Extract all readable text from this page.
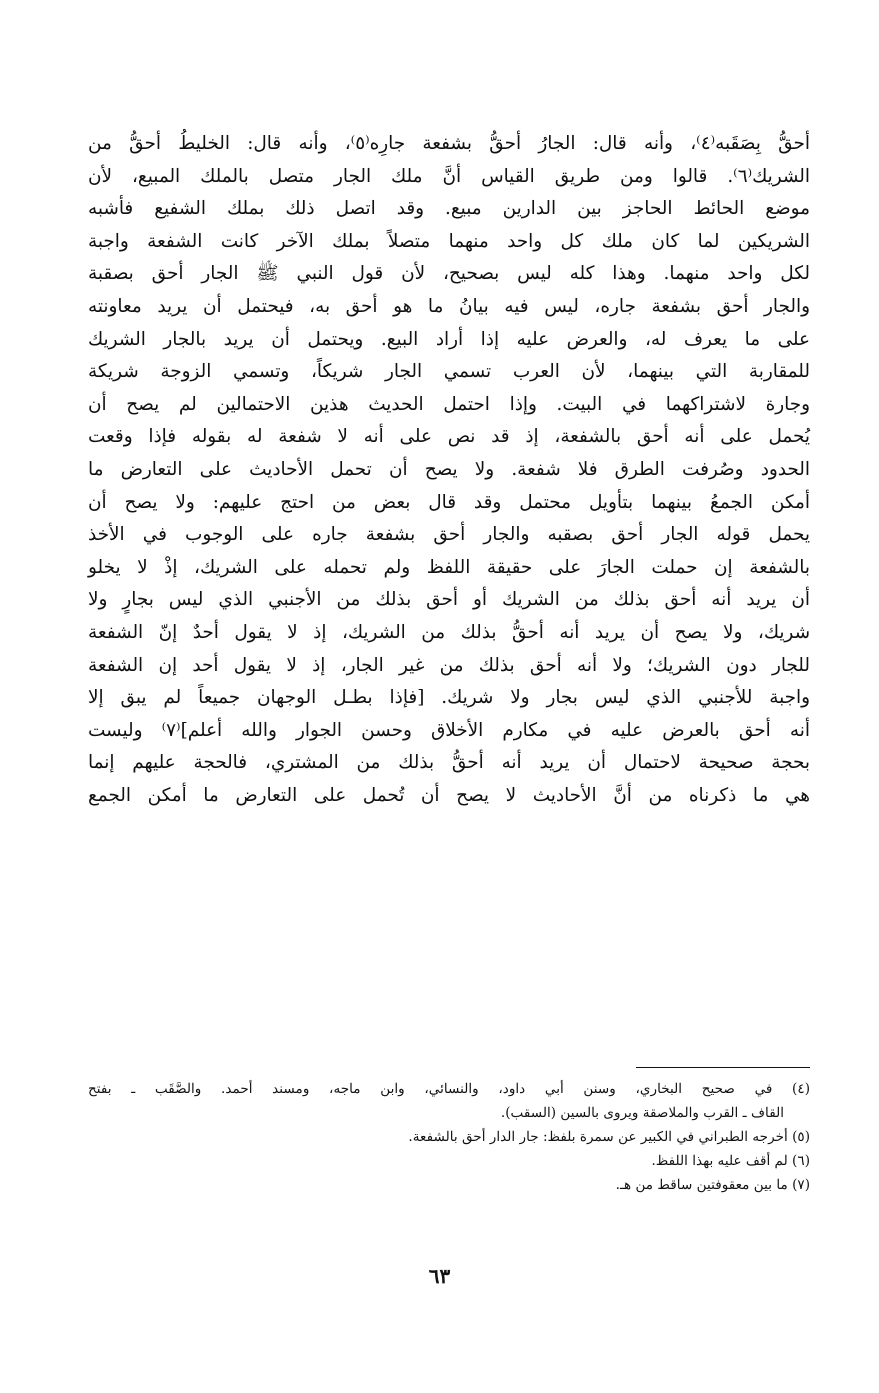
أحقُّ بِصَقَبه⁽٤⁾، وأنه قال: الجارُ أحقُّ بشفعة جارِه⁽٥⁾، وأنه قال: الخليطُ أحقُّ من
الشريك⁽٦⁾. قالوا ومن طريق القياس أنَّ ملك الجار متصل بالملك المبيع، لأن
موضع الحائط الحاجز بين الدارين مبيع. وقد اتصل ذلك بملك الشفيع فأشبه
الشريكين لما كان ملك كل واحد منهما متصلاً بملك الآخر كانت الشفعة واجبة
لكل واحد منهما. وهذا كله ليس بصحيح، لأن قول النبي ﷺ الجار أحق بصقبة
والجار أحق بشفعة جاره، ليس فيه بيانُ ما هو أحق به، فيحتمل أن يريد معاونته
على ما يعرف له، والعرض عليه إذا أراد البيع. ويحتمل أن يريد بالجار الشريك
للمقاربة التي بينهما، لأن العرب تسمي الجار شريكاً، وتسمي الزوجة شريكة
وجارة لاشتراكهما في البيت. وإذا احتمل الحديث هذين الاحتمالين لم يصح أن
يُحمل على أنه أحق بالشفعة، إذ قد نص على أنه لا شفعة له بقوله فإذا وقعت
الحدود وصُرفت الطرق فلا شفعة. ولا يصح أن تحمل الأحاديث على التعارض ما
أمكن الجمعُ بينهما بتأويل محتمل وقد قال بعض من احتج عليهم: ولا يصح أن
يحمل قوله الجار أحق بصقبه والجار أحق بشفعة جاره على الوجوب في الأخذ
بالشفعة إن حملت الجارَ على حقيقة اللفظ ولم تحمله على الشريك، إذْ لا يخلو
أن يريد أنه أحق بذلك من الشريك أو أحق بذلك من الأجنبي الذي ليس بجارٍ ولا
شريك، ولا يصح أن يريد أنه أحقُّ بذلك من الشريك، إذ لا يقول أحدٌ إنّ الشفعة
للجار دون الشريك؛ ولا أنه أحق بذلك من غير الجار، إذ لا يقول أحد إن الشفعة
واجبة للأجنبي الذي ليس بجار ولا شريك. [فإذا بطـل الوجهان جميعاً لم يبق إلا
أنه أحق بالعرض عليه في مكارم الأخلاق وحسن الجوار والله أعلم]⁽٧⁾ وليست
بحجة صحيحة لاحتمال أن يريد أنه أحقُّ بذلك من المشتري، فالحجة عليهم إنما
هي ما ذكرناه من أنَّ الأحاديث لا يصح أن تُحمل على التعارض ما أمكن الجمع
(٤) في صحيح البخاري، وسنن أبي داود، والنسائي، وابن ماجه، ومسند أحمد. والصَّقَب ـ بفتح
القاف ـ القرب والملاصقة ويروى بالسين (السقب).
(٥) أخرجه الطبراني في الكبير عن سمرة بلفظ: جار الدار أحق بالشفعة.
(٦) لم أقف عليه بهذا اللفظ.
(٧) ما بين معقوفتين ساقط من هـ.
٦٣
